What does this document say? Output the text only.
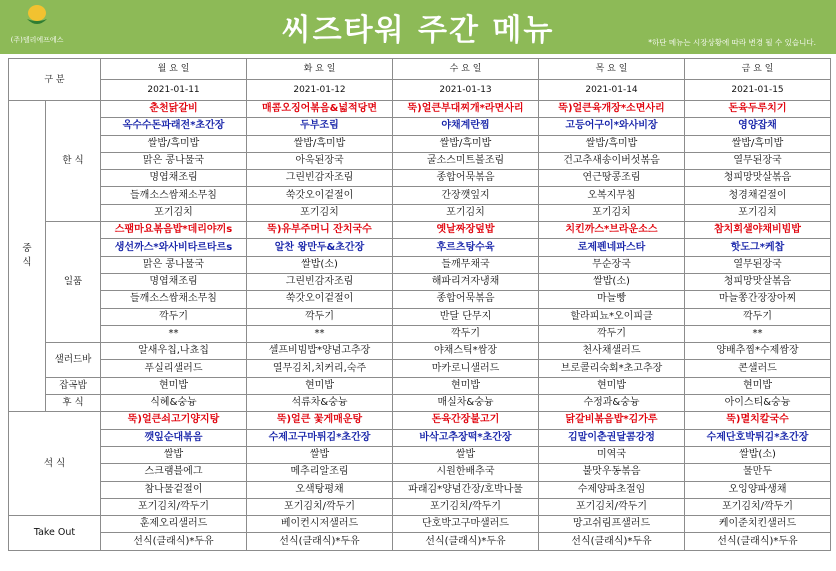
(주)델리에프에스	씨즈타워 주간 메뉴	*하단 메뉴는 시장상황에 따라 변경 될 수 있습니다.
구 분		월 요 일	화 요 일	수 요 일	목 요 일	금 요 일
		2021-01-11	2021-01-12	2021-01-13	2021-01-14	2021-01-15

중
식	한 식	춘천닭갈비	매콤오징어볶음&넓적당면	뚝)얼큰부대찌개*라면사리	뚝)얼큰육개장*소면사리	돈육두루치기
		옥수수돈파래전*초간장	두부조림	야채계란찜	고등어구이*와사비장	영양잡채
		쌀밥/흑미밥	쌀밥/흑미밥	쌀밥/흑미밥	쌀밥/흑미밥	쌀밥/흑미밥
		맑은 콩나물국	아욱된장국	굴소스미트볼조림	건고추새송이버섯볶음	열무된장국
		명엽채조림	그린빈감자조림	종합어묵볶음	연근땅콩조림	청피망맛살볶음
		들깨소스쌈채소무침	쑥갓오이겉절이	간장깻잎지	오복지무침	청경채겉절이
		포기김치	포기김치	포기김치	포기김치	포기김치
	일품	스팸마요볶음밥*데리야끼s	뚝)유부주머니 잔치국수	옛날짜장덮밥	치킨까스*브라운소스	참치회샐야채비빔밥
		생선까스*와사비타르타르s	알찬 왕만두&초간장	후르츠탕수육	로제펜네파스타	핫도그*케찹
		맑은 콩나물국	쌀밥(소)	들깨무채국	무순장국	열무된장국
		명엽채조림	그린빈감자조림	해파리겨자냉채	쌀밥(소)	청피망맛살볶음
		들깨소스쌈채소무침	쑥갓오이겉절이	종합어묵볶음	마늘빵	마늘쫑간장장아찌
		깍두기	깍두기	반달 단무지	할라피뇨*오이피클	깍두기
		**	**	깍두기	깍두기	**
	샐러드바	알새우칩,나쵸칩	셀프비빔밥*양념고추장	야채스틱*쌈장	천사채샐러드	양배추찜*수제쌈장
		푸실리샐러드	열무김치,치커리,숙주	마카로니샐러드	브로콜리숙회*초고추장	콘샐러드
	잡곡밥	현미밥	현미밥	현미밥	현미밥	현미밥
	후 식	식혜&숭늉	석류차&숭늉	매실차&숭늉	수정과&숭늉	아이스티&숭늉
석 식		뚝)얼큰쇠고기양지탕	뚝)얼큰 꽃게매운탕	돈육간장불고기	닭갈비볶음밥*김가루	뚝)멸치칼국수
		깻잎순대볶음	수제고구마튀김*초간장	바삭고추장떡*초간장	김말이춘권달콤강정	수제단호박튀김*초간장
		쌀밥	쌀밥	쌀밥	미역국	쌀밥(소)
		스크램블에그	메추리알조림	시원한배추국	불맛우동볶음	물만두
		참나물겉절이	오색탕평채	파래김*양념간장/호박나물	수제양파초절임	오잉양파생채
		포기김치/깍두기	포기김치/깍두기	포기김치/깍두기	포기김치/깍두기	포기김치/깍두기
Take Out		훈제오리샐러드	베이컨시저샐러드	단호박고구마샐러드	망고쉬림프샐러드	케이준치킨샐러드
		선식(클래식)*두유	선식(클래식)*두유	선식(클래식)*두유	선식(클래식)*두유	선식(클래식)*두유
